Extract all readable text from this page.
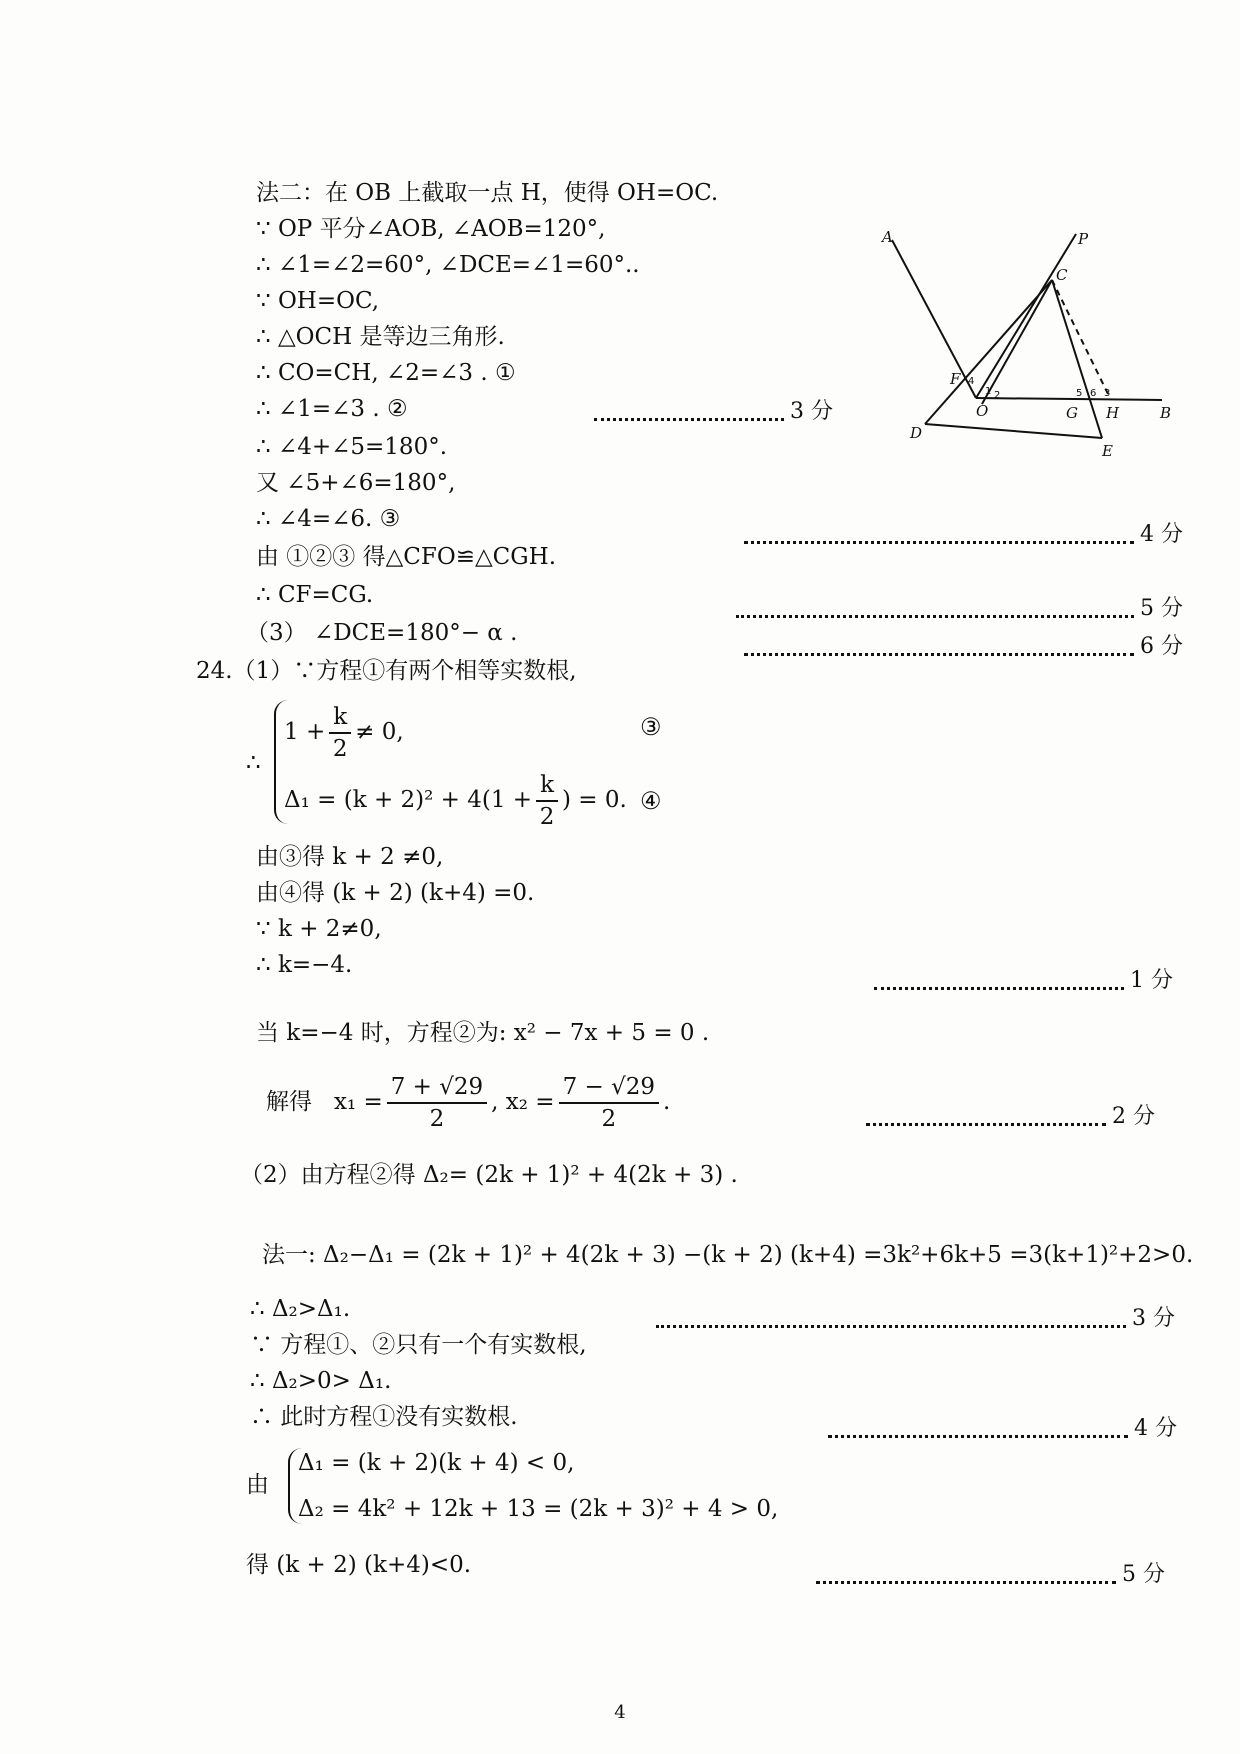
法二：在 OB 上截取一点 H，使得 OH=OC.
∵ OP 平分∠AOB, ∠AOB=120°,
∴ ∠1=∠2=60°, ∠DCE=∠1=60°..
∵ OH=OC,
∴ △OCH 是等边三角形.
∴ CO=CH, ∠2=∠3 . ①
∴ ∠1=∠3 . ②	3 分
∴ ∠4+∠5=180°.
又 ∠5+∠6=180°,
∴ ∠4=∠6. ③
4 分
由 ①②③ 得△CFO≌△CGH.
∴ CF=CG.
5 分
（3） ∠DCE=180°− α .
6 分
A	P
C
F
O	G H	B
D
E
1 2	3
4
5 6
24.（1）∵方程①有两个相等实数根,
∴
$1 + \frac{k}{2} \ne 0$,	③
$\Delta_1 = (k + 2)^2 + 4(1 + \frac{k}{2}$ ) = 0. ④
由③得 k + 2 ≠0,
由④得 (k + 2) (k+4) =0.
∵ k + 2≠0,
∴ k=−4.
1 分
当 k=−4 时，方程②为: x² − 7x + 5 = 0 .
解得 $x_1 = \frac{7 + √29}{2}$ , $x_2 = \frac{7 - √29}{2}$ .
2 分
（2）由方程②得 Δ₂= (2k + 1)² + 4(2k + 3) .
法一: Δ₂−Δ₁ = (2k + 1)² + 4(2k + 3) −(k + 2) (k+4) =3k²+6k+5 =3(k+1)²+2>0.
∴ Δ₂>Δ₁.	3 分
∵ 方程①、②只有一个有实数根,
∴ Δ₂>0> Δ₁.
∴ 此时方程①没有实数根.	4 分
由
Δ₁ = (k + 2)(k + 4) < 0,
Δ₂ = 4k² + 12k + 13 = (2k + 3)² + 4 > 0,
得 (k + 2) (k+4)<0.	5 分
4
